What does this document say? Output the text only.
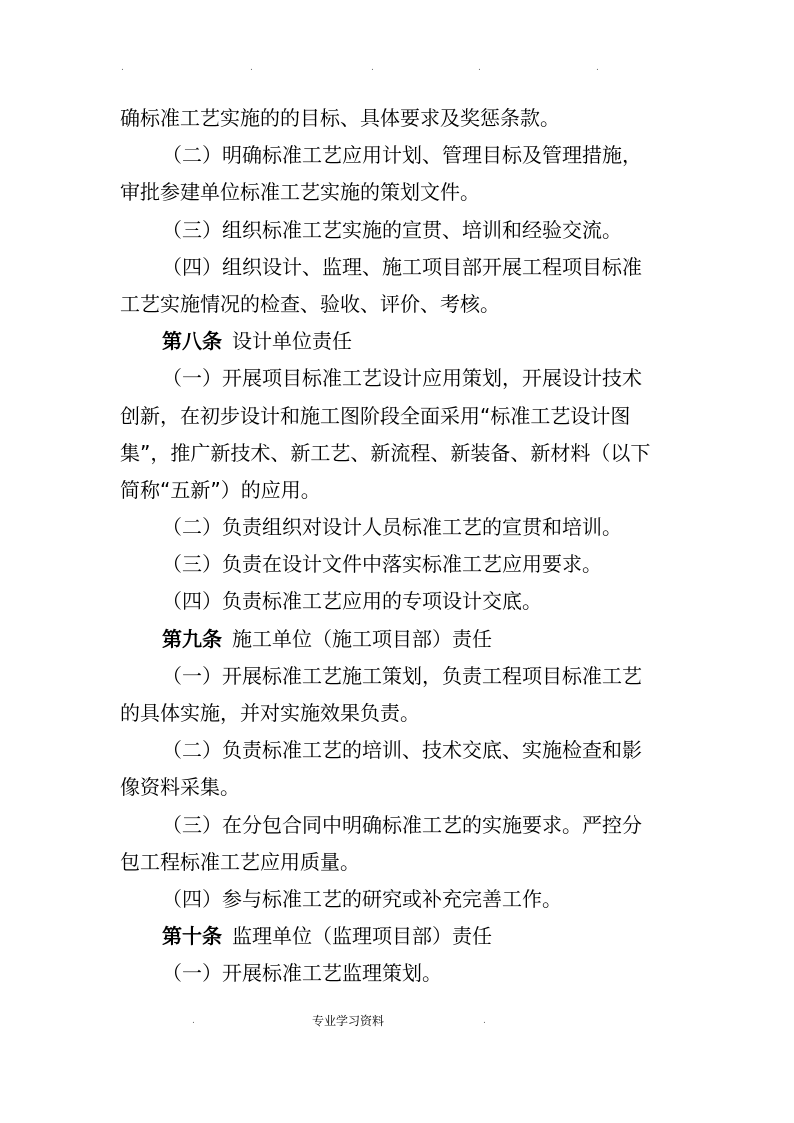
.	.	.	.	.
确标准工艺实施的的目标、具体要求及奖惩条款。
（二）明确标准工艺应用计划、管理目标及管理措施，
审批参建单位标准工艺实施的策划文件。
（三）组织标准工艺实施的宣贯、培训和经验交流。
（四）组织设计、监理、施工项目部开展工程项目标准
工艺实施情况的检查、验收、评价、考核。
第八条  设计单位责任
（一）开展项目标准工艺设计应用策划，开展设计技术
创新，在初步设计和施工图阶段全面采用“标准工艺设计图
集”，推广新技术、新工艺、新流程、新装备、新材料（以下
简称“五新”）的应用。
（二）负责组织对设计人员标准工艺的宣贯和培训。
（三）负责在设计文件中落实标准工艺应用要求。
（四）负责标准工艺应用的专项设计交底。
第九条  施工单位（施工项目部）责任
（一）开展标准工艺施工策划，负责工程项目标准工艺
的具体实施，并对实施效果负责。
（二）负责标准工艺的培训、技术交底、实施检查和影
像资料采集。
（三）在分包合同中明确标准工艺的实施要求。严控分
包工程标准工艺应用质量。
（四）参与标准工艺的研究或补充完善工作。
第十条  监理单位（监理项目部）责任
（一）开展标准工艺监理策划。
.	专业学习资料	.
